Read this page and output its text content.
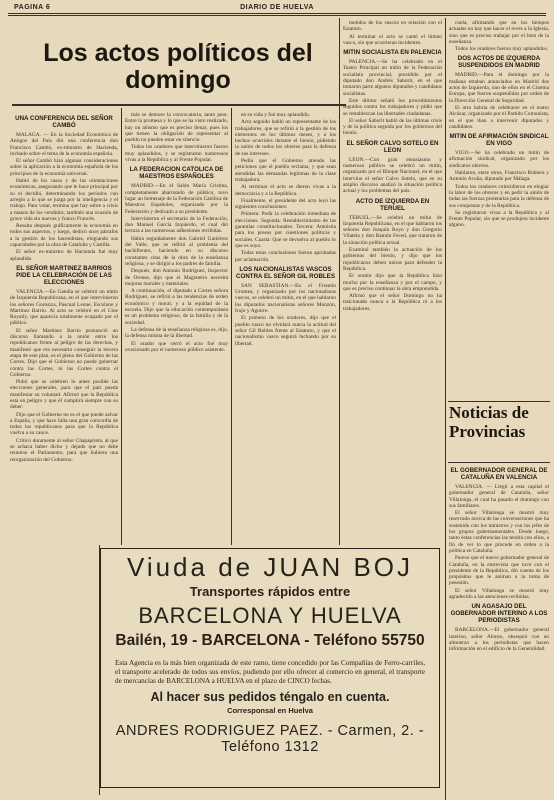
PAGINA 6	DIARIO DE HUELVA
Los actos políticos del domingo
UNA CONFERENCIA DEL SEÑOR CAMBÓ

MALAGA. — En la Sociedad Económica de Amigos del País dió una conferencia don Francisco Cambó, ex-ministro de Hacienda, invitado sobre el tema de la economía española.

El señor Cambó hizo algunas consideraciones sobre la aplicación a la economía española de los principios de la economía universal.

Habló de los casos y de las orientaciones económicas, asegurando que le hace principal por su el decidió, determinando los períodos con arreglo a lo que se juzga por la inteligencia y el trabajo. Para votar, termina que hay sobre a crisis a manos de los vendidos, también una ocasión de grave vida sin nuevas y franco Francés.

Resalta después gráficamente la economía en todos sus aspectos, y luego, dedicó unos párrafos a la gestión de los hacendistas, elogiando sus capacidades por la obra de Cataluña y Castilla.

El señor ex-ministro de Hacienda fué muy aplaudido.

EL SEÑOR MARTINEZ BARRIOS PIDE LA CELEBRACIÓN DE LAS ELECCIONES

VALENCIA.—En Gandía se celebró un mitin de Izquierda Republicana, en el que intervinieron los señores Gorosiza, Pascual Leone, Escolano y Martínez Barrio. Al acto se celebró en el Cine Royalty, que aparecía totalmente ocupado por el público.

El señor Martínez Barrio pronunció un discurso llamando a la unión entre los republicanos frente al peligro de las derechas, y manifestó que era necesario conseguir la tercera etapa de este plan, es el pleno del Gobierno de las Cortes. Dijo que el Gobierno no puede gobernar contra las Cortes, ni las Cortes contra el Gobierno.

Pidió que se celebren lo antes posible las elecciones generales, para que el país pueda manifestar su voluntad. Afirmó que la República está en peligro y que él cumplirá siempre con su deber.

Dijo que el Gobierno no es el que puede salvar a España, y que hace falta una gran concordia de todos los republicanos para que la República vuelva a su cauce.

Criticó duramente al señor Chapaprieta, al que se achaca haber dicho y dejado que no debe reunirse el Parlamento, para que hubiera una reorganización del Gobierno.

más se demore la convocatoria, tanto peor. Entre la promesa y lo que se ha visto realizado, hay un abismo que es preciso llenar, pues los que tienen la obligación de representar al pueblo no pueden estar en silencio.

Todos los oradores que intervinieron fueron muy aplaudidos, y se registraron numerosos vivas a la República y al Frente Popular.

LA FEDERACION CATOLICA DE MAESTROS ESPAÑOLES

MADRID.—En el Salón María Cristina, completamente abarrotado de público, tuvo lugar un homenaje de la Federación Católica de Maestros Españoles, organizado por la Federación y dedicado a su presidente.

Intervinieron el secretario de la Federación, don Manuel García Izquierdo, el cual dió lectura a las numerosas adhesiones recibidas.

Había seguidamente don Gabriel Gutiérrez del Valle, que se refirió al problema del bachillerato, haciendo en su discurso constantes citas de la obra de la enseñanza religiosa, y se dirigió a los padres de familia.

Después, don Antonio Rodríguez, Inspector de Orense, dijo que el Magisterio necesita mejoras morales y materiales.

A continuación, el diputado a Cortes señora Rodríguez, se refirió a las tendencias de orden económico y moral, y a la equidad de la escuela. Dijo que la educación contemporánea es un problema religioso, de la familia y de la sociedad.

La defensa de la enseñanza religiosa es, dijo, la defensa misma de la libertad.

El orador que cerró el acto fué muy ovacionado por el numeroso público asistente.

en su vida y fué muy aplaudido.

Acto seguido habló un representante de los trabajadores, que se refirió a la gestión de los elementos en los últimos meses, y a los hechos ocurridos durante el bienio, pidiendo la unión de todos los obreros para la defensa de sus intereses.

Pedía que el Gobierno atienda las peticiones que el pueblo reclama, y que sean atendidas las demandas legítimas de la clase trabajadora.

Al terminar el acto se dieron vivas a la democracia y a la República.

Finalmente, el presidente del acto leyó las siguientes conclusiones:

Primera: Pedir la celebración inmediata de elecciones. Segunda: Restablecimiento de las garantías constitucionales. Tercera: Amnistía para los presos por cuestiones políticas y sociales. Cuarta: Que se devuelva al pueblo lo que es suyo.

Todas estas conclusiones fueron aprobadas por aclamación.

LOS NACIONALISTAS VASCOS CONTRA EL SEÑOR GIL ROBLES

SAN SEBASTIAN.—En el Frontón Urumea, y organizado por los nacionalistas vascos, se celebró un mitin, en el que hablaron los diputados nacionalistas señores Monzón, Irujo y Aguirre.

El primero de los oradores, dijo que el pueblo vasco no olvidará nunca la actitud del señor Gil Robles frente al Estatuto, y que el nacionalismo vasco seguirá luchando por su libertad.

metidos de los vascos en relación con el Estatuto.

Al terminar el acto se cantó el himno vasco, sin que ocurrieran incidentes.

MITIN SOCIALISTA EN PALENCIA

PALENCIA.—Se ha celebrado en el Teatro Principal un mitin de la Federación socialista provincial, presidido por el diputado don Andrés Saborit, en el que tomaron parte algunos diputados y candidatos socialistas.

Este último señaló los procedimientos seguidos contra los trabajadores y pidió que se restablezcan las libertades ciudadanas.

El señor Saborit habló de las últimas crisis y de la política seguida por los gobiernos del bienio.

EL SEÑOR CALVO SOTELO EN LEON

LEON.—Con gran entusiasmo y numeroso público se celebró un mitin, organizado por el Bloque Nacional, en el que intervino el señor Calvo Sotelo, que en su amplio discurso analizó la situación política actual y los problemas del país.

ACTO DE IZQUIERDA EN TERUEL

TERUEL.—Se celebró un mitin de Izquierda Republicana, en el que hablaron los señores don Joaquín Royo y don Gregorio Vilatela y don Ramón Feced, que trataron de la situación política actual.

Examinó también la actuación de los gobiernos del bienio, y dijo que los republicanos deben unirse para defender la República.

El orador dijo que la República hizo mucho por la enseñanza y por el campo, y que es preciso continuar la obra emprendida.

Afirmó que el señor Domingo no ha traicionado nunca a la República ni a los trabajadores.

cuela, afirmando que en los tiempos actuales no hay que hacer el revés a la Iglesia, sino que es preciso trabajar por el bien de la enseñanza.

Todos los oradores fueron muy aplaudidos.

DOS ACTOS DE IZQUIERDA SUSPENDIDOS EN MADRID

MADRID.—Para el domingo por la mañana estaban anunciados en Madrid dos actos de Izquierda, uno de ellos en el Cinema Europa, que fueron suspendidos por orden de la Dirección General de Seguridad.

El otro habría de celebrarse en el teatro Alcázar, organizado por el Partido Comunista, en el que iban a intervenir diputados y candidatos.

MITIN DE AFIRMACIÓN SINDICAL EN VIGO

VIGO.—Se ha celebrado un mitin de afirmación sindical, organizado por los sindicatos obreros.

Hablaron, entre otros, Francisco Rubiera y Antonio Acuña, diputado por Málaga.

Todos los oradores coincidieron en elogiar la labor de los obreros y en pedir la unión de todas las fuerzas proletarias para la defensa de sus conquistas y de la República.

Se registraron vivas a la República y al Frente Popular, sin que se produjera incidente alguno.

Noticias de Provincias
EL GOBERNADOR GENERAL DE CATALUÑA EN VALENCIA

VALENCIA. — Llegó a esta capital el gobernador general de Cataluña, señor Villalonga, el cual ha pasado el domingo con sus familiares.

El señor Villalonga se mostró muy reservado acerca de las conversaciones que ha sostenido con los ministros y con los jefes de los grupos gubernamentales. Desde luego, tanto éstas conferencias las tendrá con ellos, a fin de ver lo que procede en orden a la política en Cataluña.

Parece que el nuevo gobernador general de Cataluña, en la entrevista que tuvo con el presidente de la República, dió cuenta de los propósitos que le animan a la toma de posesión.

El señor Villalonga se mostró muy agradecido a las atenciones recibidas.

UN AGASAJO DEL GOBERNADOR INTERINO A LOS PERIODISTAS

BARCELONA.—El gobernador general interino, señor Alonso, obsequió con un almuerzo a los periodistas que hacen información en el edificio de la Generalidad.

Viuda de JUAN BOJ
Transportes rápidos entre
BARCELONA Y HUELVA
Bailén, 19 - BARCELONA - Teléfono 55750
Esta Agencia es la más bien organizada de este ramo, tiene concedido por las Compañías de Ferro-carriles, el transporte acelerado de todos sus envíos, pudiendo por ello ofrecer al comercio en general, el transporte de mercancías de BARCELONA a HUELVA en el plazo de CINCO fechas.
Al hacer sus pedidos téngalo en cuenta.
Corresponsal en Huelva
ANDRES RODRIGUEZ PAEZ. - Carmen, 2. - Teléfono 1312
